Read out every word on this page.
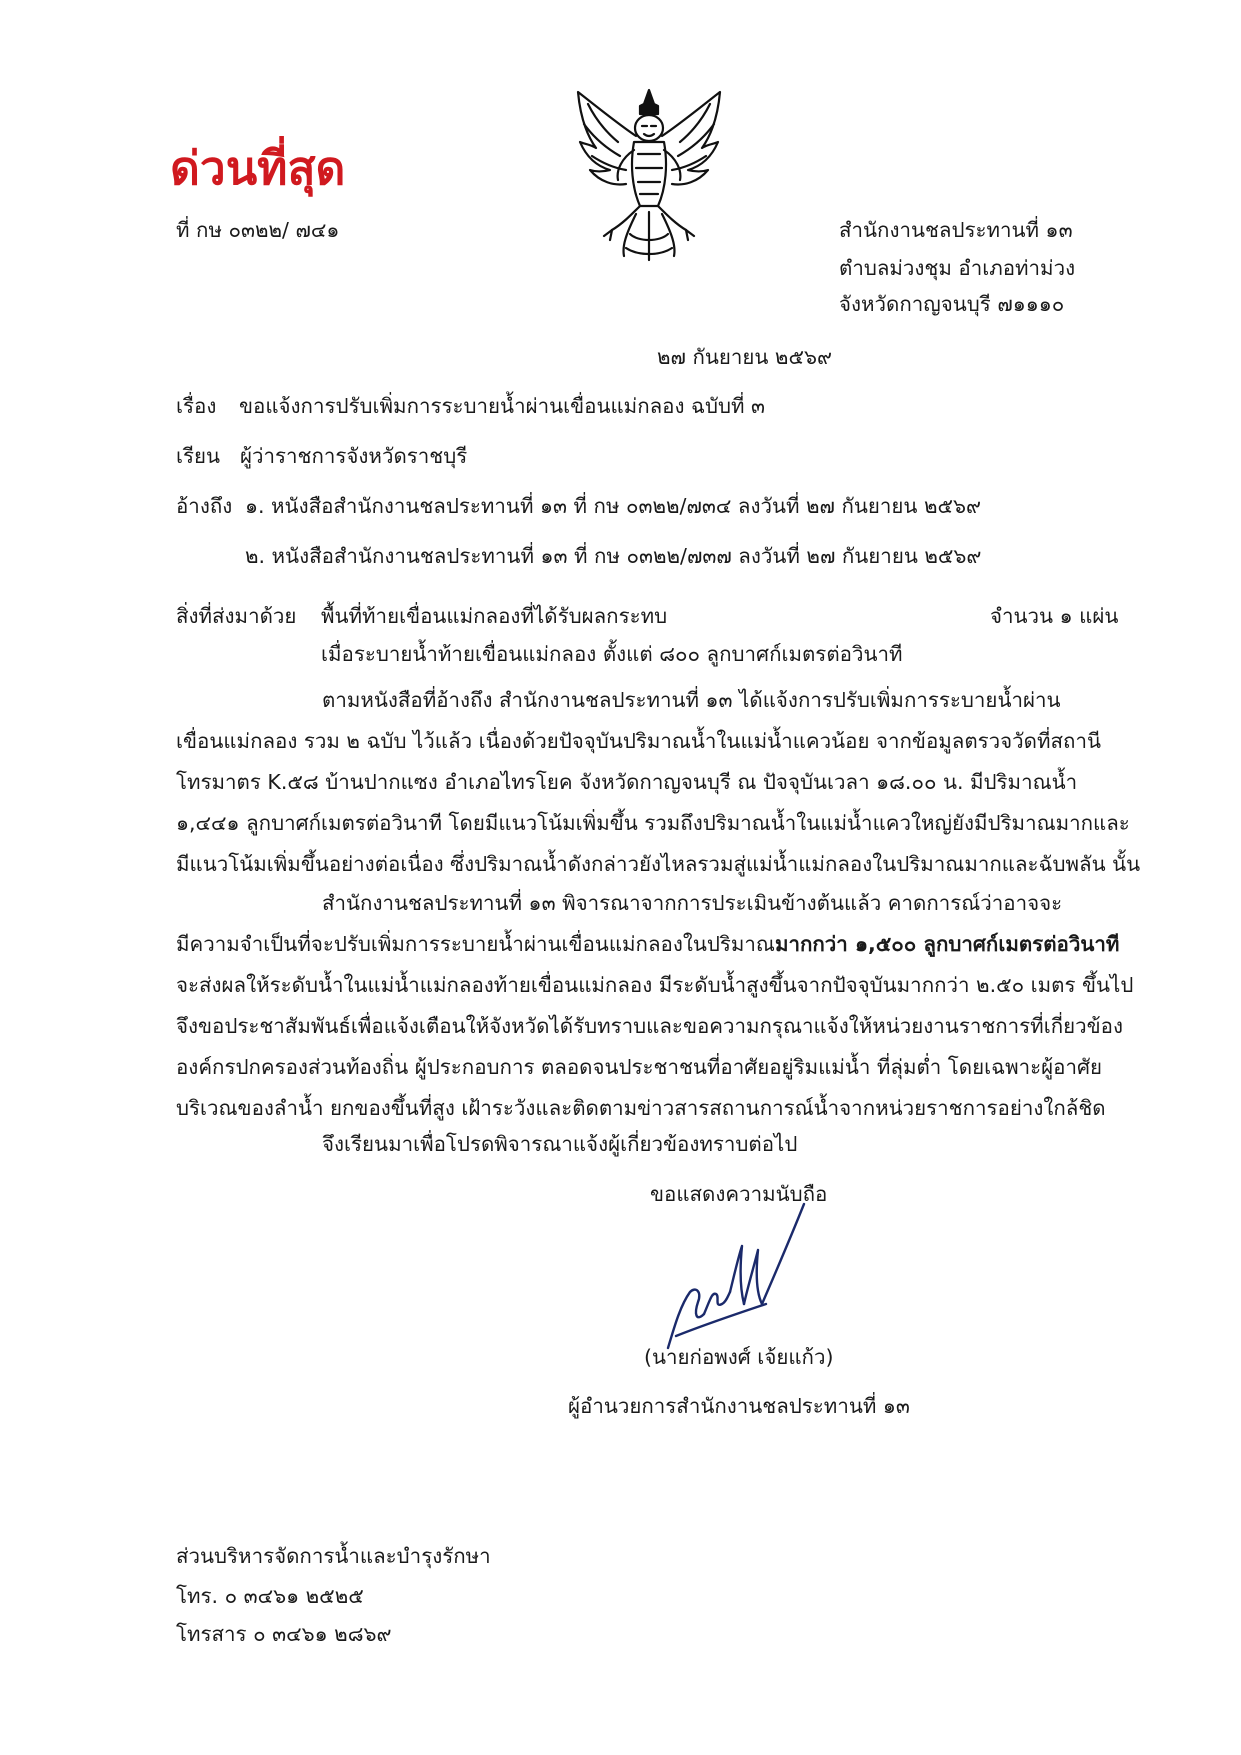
ด่วนที่สุด
ที่ กษ ๐๓๒๒/ ๗๔๑	สำนักงานชลประทานที่ ๑๓
ตำบลม่วงชุม อำเภอท่าม่วง
จังหวัดกาญจนบุรี ๗๑๑๑๐
๒๗ กันยายน ๒๕๖๙
เรื่อง ขอแจ้งการปรับเพิ่มการระบายน้ำผ่านเขื่อนแม่กลอง ฉบับที่ ๓
เรียน ผู้ว่าราชการจังหวัดราชบุรี
อ้างถึง ๑. หนังสือสำนักงานชลประทานที่ ๑๓ ที่ กษ ๐๓๒๒/๗๓๔ ลงวันที่ ๒๗ กันยายน ๒๕๖๙
๒. หนังสือสำนักงานชลประทานที่ ๑๓ ที่ กษ ๐๓๒๒/๗๓๗ ลงวันที่ ๒๗ กันยายน ๒๕๖๙
สิ่งที่ส่งมาด้วย พื้นที่ท้ายเขื่อนแม่กลองที่ได้รับผลกระทบ	จำนวน ๑ แผ่น
เมื่อระบายน้ำท้ายเขื่อนแม่กลอง ตั้งแต่ ๘๐๐ ลูกบาศก์เมตรต่อวินาที
ตามหนังสือที่อ้างถึง สำนักงานชลประทานที่ ๑๓ ได้แจ้งการปรับเพิ่มการระบายน้ำผ่าน
เขื่อนแม่กลอง รวม ๒ ฉบับ ไว้แล้ว เนื่องด้วยปัจจุบันปริมาณน้ำในแม่น้ำแควน้อย จากข้อมูลตรวจวัดที่สถานี
โทรมาตร K.๕๘ บ้านปากแซง อำเภอไทรโยค จังหวัดกาญจนบุรี ณ ปัจจุบันเวลา ๑๘.๐๐ น. มีปริมาณน้ำ
๑,๔๔๑ ลูกบาศก์เมตรต่อวินาที โดยมีแนวโน้มเพิ่มขึ้น รวมถึงปริมาณน้ำในแม่น้ำแควใหญ่ยังมีปริมาณมากและ
มีแนวโน้มเพิ่มขึ้นอย่างต่อเนื่อง ซึ่งปริมาณน้ำดังกล่าวยังไหลรวมสู่แม่น้ำแม่กลองในปริมาณมากและฉับพลัน นั้น
สำนักงานชลประทานที่ ๑๓ พิจารณาจากการประเมินข้างต้นแล้ว คาดการณ์ว่าอาจจะ
มีความจำเป็นที่จะปรับเพิ่มการระบายน้ำผ่านเขื่อนแม่กลองในปริมาณมากกว่า ๑,๕๐๐ ลูกบาศก์เมตรต่อวินาที
จะส่งผลให้ระดับน้ำในแม่น้ำแม่กลองท้ายเขื่อนแม่กลอง มีระดับน้ำสูงขึ้นจากปัจจุบันมากกว่า ๒.๕๐ เมตร ขึ้นไป
จึงขอประชาสัมพันธ์เพื่อแจ้งเตือนให้จังหวัดได้รับทราบและขอความกรุณาแจ้งให้หน่วยงานราชการที่เกี่ยวข้อง
องค์กรปกครองส่วนท้องถิ่น ผู้ประกอบการ ตลอดจนประชาชนที่อาศัยอยู่ริมแม่น้ำ ที่ลุ่มต่ำ โดยเฉพาะผู้อาศัย
บริเวณของลำน้ำ ยกของขึ้นที่สูง เฝ้าระวังและติดตามข่าวสารสถานการณ์น้ำจากหน่วยราชการอย่างใกล้ชิด
จึงเรียนมาเพื่อโปรดพิจารณาแจ้งผู้เกี่ยวข้องทราบต่อไป
ขอแสดงความนับถือ
(นายก่อพงศ์ เจ้ยแก้ว)
ผู้อำนวยการสำนักงานชลประทานที่ ๑๓
ส่วนบริหารจัดการน้ำและบำรุงรักษา
โทร. ๐ ๓๔๖๑ ๒๕๒๕
โทรสาร ๐ ๓๔๖๑ ๒๘๖๙
